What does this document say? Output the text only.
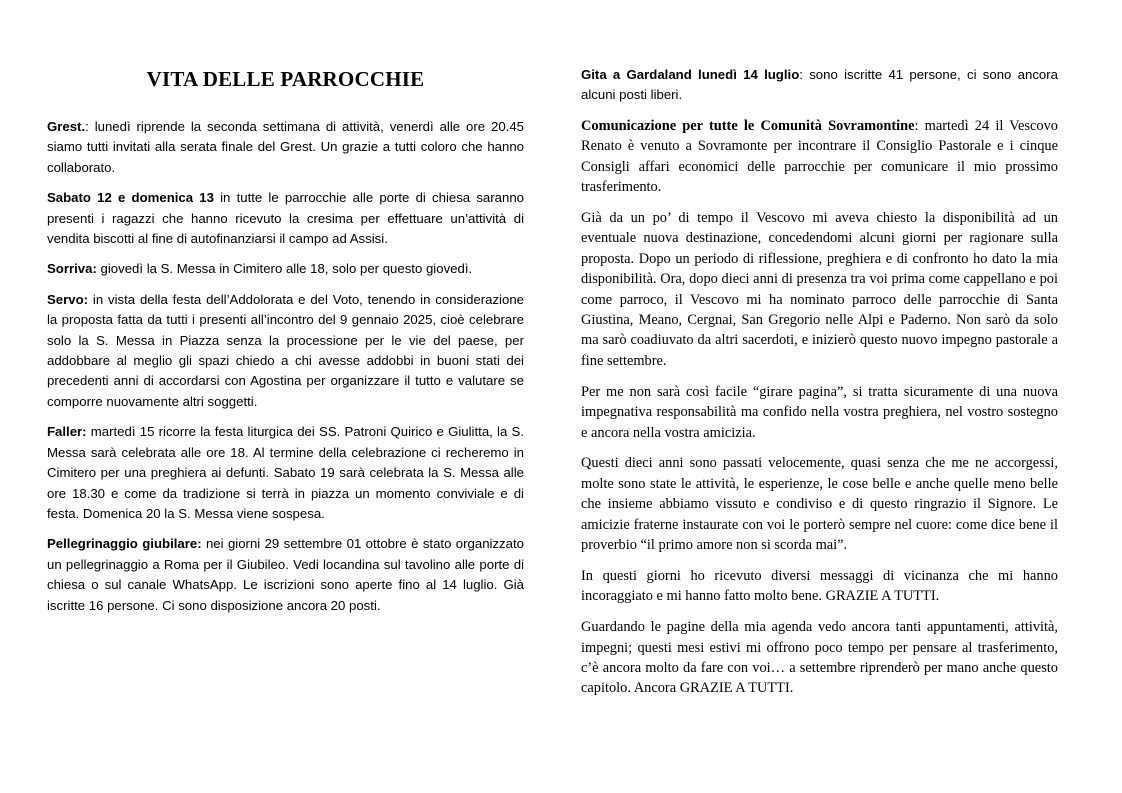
VITA DELLE PARROCCHIE

Grest.: lunedì riprende la seconda settimana di attività, venerdì alle ore 20.45 siamo tutti invitati alla serata finale del Grest. Un grazie a tutti coloro che hanno collaborato.

Sabato 12 e domenica 13 in tutte le parrocchie alle porte di chiesa saranno presenti i ragazzi che hanno ricevuto la cresima per effettuare un’attività di vendita biscotti al fine di autofinanziarsi il campo ad Assisi.

Sorriva: giovedì la S. Messa in Cimitero alle 18, solo per questo giovedì.

Servo: in vista della festa dell’Addolorata e del Voto, tenendo in considerazione la proposta fatta da tutti i presenti all’incontro del 9 gennaio 2025, cioè celebrare solo la S. Messa in Piazza senza la processione per le vie del paese, per addobbare al meglio gli spazi chiedo a chi avesse addobbi in buoni stati dei precedenti anni di accordarsi con Agostina per organizzare il tutto e valutare se comporre nuovamente altri soggetti.

Faller: martedì 15 ricorre la festa liturgica dei SS. Patroni Quirico e Giulitta, la S. Messa sarà celebrata alle ore 18. Al termine della celebrazione ci recheremo in Cimitero per una preghiera ai defunti. Sabato 19 sarà celebrata la S. Messa alle ore 18.30 e come da tradizione si terrà in piazza un momento conviviale e di festa. Domenica 20 la S. Messa viene sospesa.

Pellegrinaggio giubilare: nei giorni 29 settembre 01 ottobre è stato organizzato un pellegrinaggio a Roma per il Giubileo. Vedi locandina sul tavolino alle porte di chiesa o sul canale WhatsApp. Le iscrizioni sono aperte fino al 14 luglio. Già iscritte 16 persone. Ci sono disposizione ancora 20 posti.

Gita a Gardaland lunedì 14 luglio: sono iscritte 41 persone, ci sono ancora alcuni posti liberi.

Comunicazione per tutte le Comunità Sovramontine: martedì 24 il Vescovo Renato è venuto a Sovramonte per incontrare il Consiglio Pastorale e i cinque Consigli affari economici delle parrocchie per comunicare il mio prossimo trasferimento.

Già da un po’ di tempo il Vescovo mi aveva chiesto la disponibilità ad un eventuale nuova destinazione, concedendomi alcuni giorni per ragionare sulla proposta. Dopo un periodo di riflessione, preghiera e di confronto ho dato la mia disponibilità. Ora, dopo dieci anni di presenza tra voi prima come cappellano e poi come parroco, il Vescovo mi ha nominato parroco delle parrocchie di Santa Giustina, Meano, Cergnai, San Gregorio nelle Alpi e Paderno. Non sarò da solo ma sarò coadiuvato da altri sacerdoti, e inizierò questo nuovo impegno pastorale a fine settembre.

Per me non sarà così facile “girare pagina”, si tratta sicuramente di una nuova impegnativa responsabilità ma confido nella vostra preghiera, nel vostro sostegno e ancora nella vostra amicizia.

Questi dieci anni sono passati velocemente, quasi senza che me ne accorgessi, molte sono state le attività, le esperienze, le cose belle e anche quelle meno belle che insieme abbiamo vissuto e condiviso e di questo ringrazio il Signore. Le amicizie fraterne instaurate con voi le porterò sempre nel cuore: come dice bene il proverbio “il primo amore non si scorda mai”.

In questi giorni ho ricevuto diversi messaggi di vicinanza che mi hanno incoraggiato e mi hanno fatto molto bene. GRAZIE A TUTTI.

Guardando le pagine della mia agenda vedo ancora tanti appuntamenti, attività, impegni; questi mesi estivi mi offrono poco tempo per pensare al trasferimento, c’è ancora molto da fare con voi… a settembre riprenderò per mano anche questo capitolo. Ancora GRAZIE A TUTTI.
